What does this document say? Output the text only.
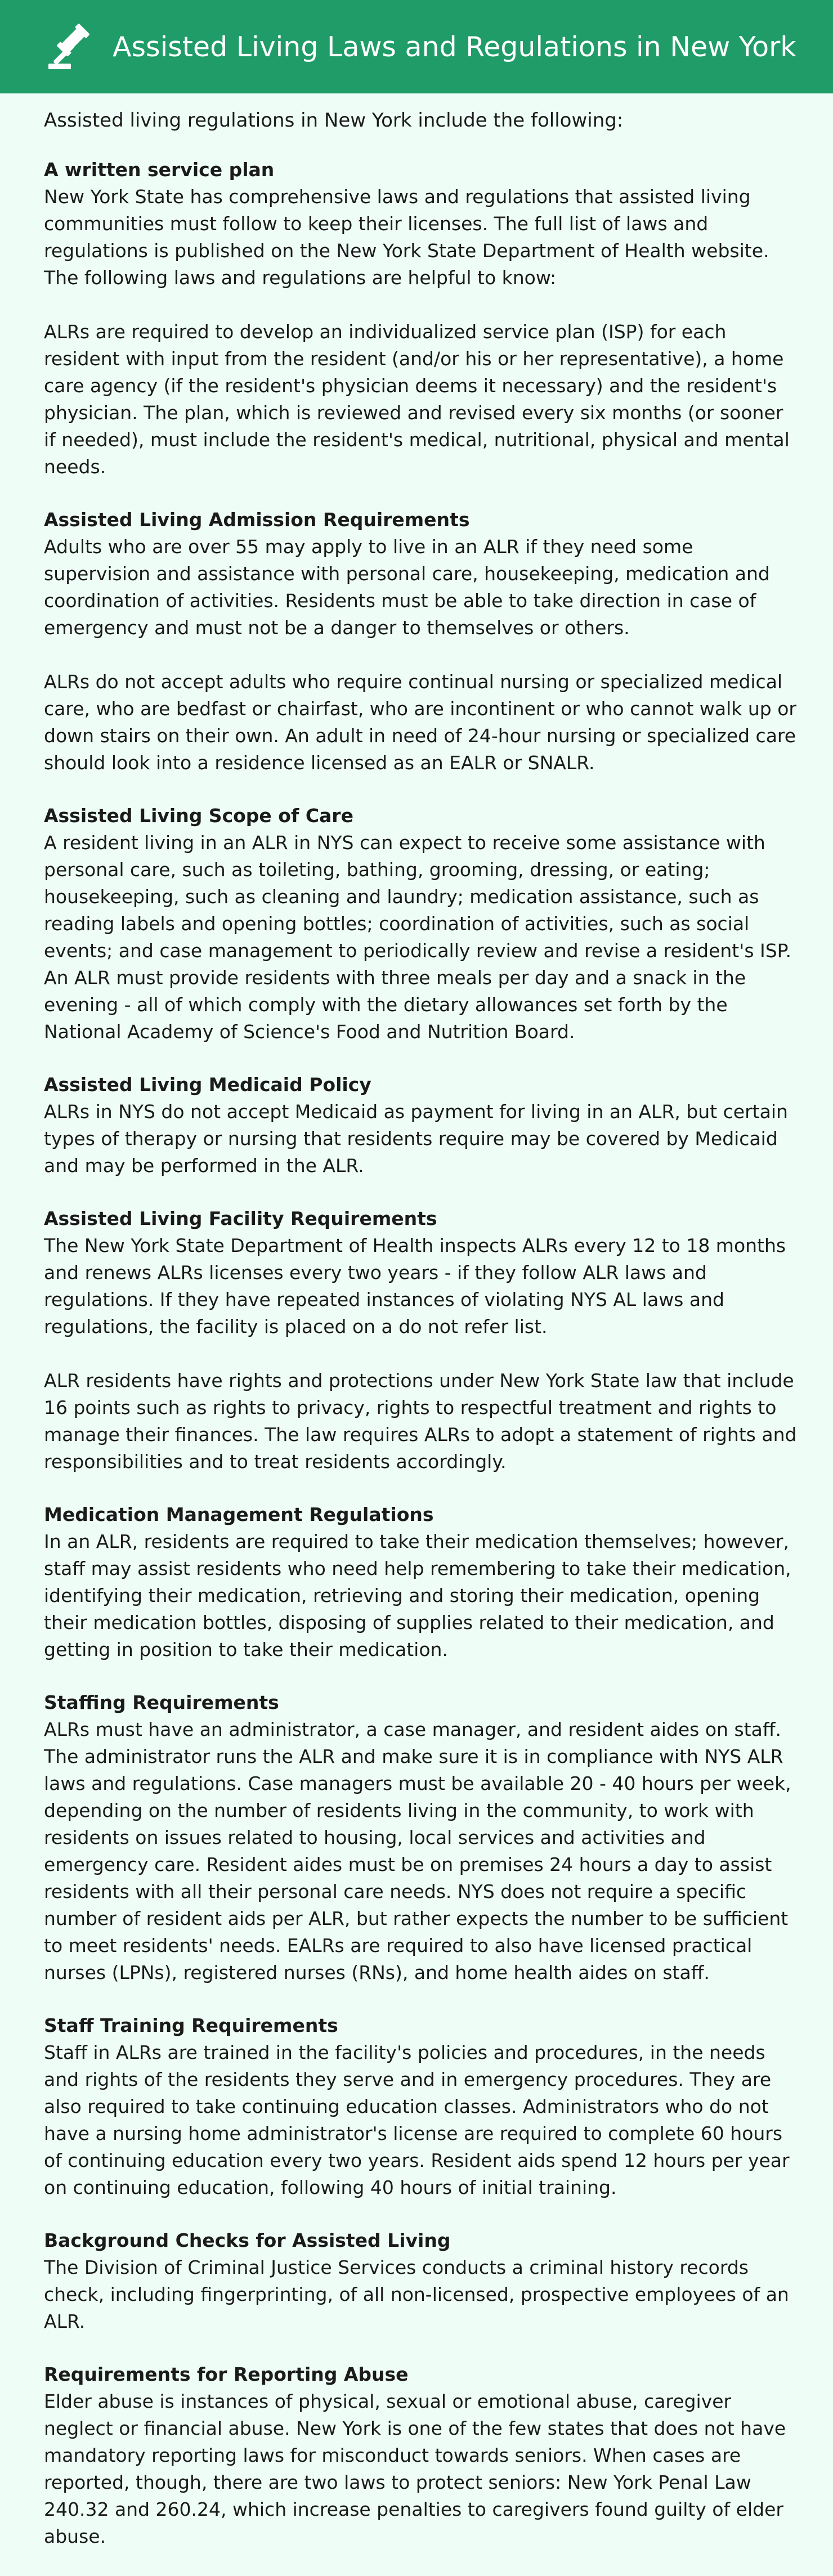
Assisted Living Laws and Regulations in New York

Assisted living regulations in New York include the following:

A written service plan

New York State has comprehensive laws and regulations that assisted living communities must follow to keep their licenses. The full list of laws and regulations is published on the New York State Department of Health website. The following laws and regulations are helpful to know:

ALRs are required to develop an individualized service plan (ISP) for each resident with input from the resident (and/or his or her representative), a home care agency (if the resident's physician deems it necessary) and the resident's physician. The plan, which is reviewed and revised every six months (or sooner if needed), must include the resident's medical, nutritional, physical and mental needs.

Assisted Living Admission Requirements

Adults who are over 55 may apply to live in an ALR if they need some supervision and assistance with personal care, housekeeping, medication and coordination of activities. Residents must be able to take direction in case of emergency and must not be a danger to themselves or others.

ALRs do not accept adults who require continual nursing or specialized medical care, who are bedfast or chairfast, who are incontinent or who cannot walk up or down stairs on their own. An adult in need of 24-hour nursing or specialized care should look into a residence licensed as an EALR or SNALR.

Assisted Living Scope of Care

A resident living in an ALR in NYS can expect to receive some assistance with personal care, such as toileting, bathing, grooming, dressing, or eating; housekeeping, such as cleaning and laundry; medication assistance, such as reading labels and opening bottles; coordination of activities, such as social events; and case management to periodically review and revise a resident's ISP. An ALR must provide residents with three meals per day and a snack in the evening - all of which comply with the dietary allowances set forth by the National Academy of Science's Food and Nutrition Board.

Assisted Living Medicaid Policy

ALRs in NYS do not accept Medicaid as payment for living in an ALR, but certain types of therapy or nursing that residents require may be covered by Medicaid and may be performed in the ALR.

Assisted Living Facility Requirements

The New York State Department of Health inspects ALRs every 12 to 18 months and renews ALRs licenses every two years - if they follow ALR laws and regulations. If they have repeated instances of violating NYS AL laws and regulations, the facility is placed on a do not refer list.

ALR residents have rights and protections under New York State law that include 16 points such as rights to privacy, rights to respectful treatment and rights to manage their finances. The law requires ALRs to adopt a statement of rights and responsibilities and to treat residents accordingly.

Medication Management Regulations

In an ALR, residents are required to take their medication themselves; however, staff may assist residents who need help remembering to take their medication, identifying their medication, retrieving and storing their medication, opening their medication bottles, disposing of supplies related to their medication, and getting in position to take their medication.

Staffing Requirements

ALRs must have an administrator, a case manager, and resident aides on staff. The administrator runs the ALR and make sure it is in compliance with NYS ALR laws and regulations. Case managers must be available 20 - 40 hours per week, depending on the number of residents living in the community, to work with residents on issues related to housing, local services and activities and emergency care. Resident aides must be on premises 24 hours a day to assist residents with all their personal care needs. NYS does not require a specific number of resident aids per ALR, but rather expects the number to be sufficient to meet residents' needs. EALRs are required to also have licensed practical nurses (LPNs), registered nurses (RNs), and home health aides on staff.

Staff Training Requirements

Staff in ALRs are trained in the facility's policies and procedures, in the needs and rights of the residents they serve and in emergency procedures. They are also required to take continuing education classes. Administrators who do not have a nursing home administrator's license are required to complete 60 hours of continuing education every two years. Resident aids spend 12 hours per year on continuing education, following 40 hours of initial training.

Background Checks for Assisted Living

The Division of Criminal Justice Services conducts a criminal history records check, including fingerprinting, of all non-licensed, prospective employees of an ALR.

Requirements for Reporting Abuse

Elder abuse is instances of physical, sexual or emotional abuse, caregiver neglect or financial abuse. New York is one of the few states that does not have mandatory reporting laws for misconduct towards seniors. When cases are reported, though, there are two laws to protect seniors: New York Penal Law 240.32 and 260.24, which increase penalties to caregivers found guilty of elder abuse.
